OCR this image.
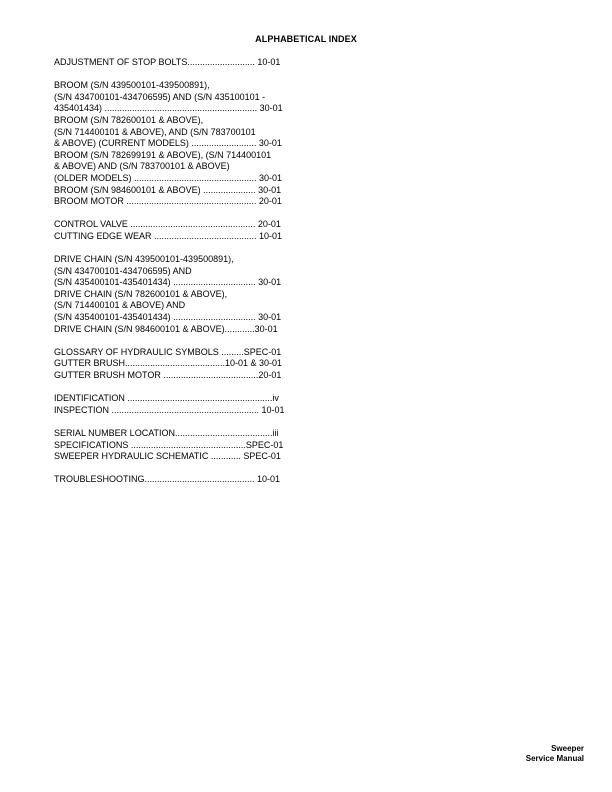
ALPHABETICAL INDEX
ADJUSTMENT OF STOP BOLTS........................... 10-01
BROOM (S/N 439500101-439500891),
(S/N 434700101-434706595) AND (S/N 435100101 -
435401434) ............................................................. 30-01
BROOM (S/N 782600101 & ABOVE),
(S/N 714400101 & ABOVE), AND (S/N 783700101
& ABOVE) (CURRENT MODELS) .......................... 30-01
BROOM (S/N 782699191 & ABOVE), (S/N 714400101
& ABOVE) AND (S/N 783700101 & ABOVE)
(OLDER MODELS) ................................................. 30-01
BROOM (S/N 984600101 & ABOVE) ..................... 30-01
BROOM MOTOR .................................................... 20-01
CONTROL VALVE .................................................. 20-01
CUTTING EDGE WEAR ......................................... 10-01
DRIVE CHAIN (S/N 439500101-439500891),
(S/N 434700101-434706595) AND
(S/N 435400101-435401434) ................................. 30-01
DRIVE CHAIN (S/N 782600101 & ABOVE),
(S/N 714400101 & ABOVE) AND
(S/N 435400101-435401434) ................................. 30-01
DRIVE CHAIN (S/N 984600101 & ABOVE)............30-01
GLOSSARY OF HYDRAULIC SYMBOLS .........SPEC-01
GUTTER BRUSH........................................10-01 & 30-01
GUTTER BRUSH MOTOR ......................................20-01
IDENTIFICATION ..........................................................iv
INSPECTION ........................................................... 10-01
SERIAL NUMBER LOCATION.......................................iii
SPECIFICATIONS ..............................................SPEC-01
SWEEPER HYDRAULIC SCHEMATIC ............ SPEC-01
TROUBLESHOOTING............................................ 10-01
Sweeper
Service Manual
